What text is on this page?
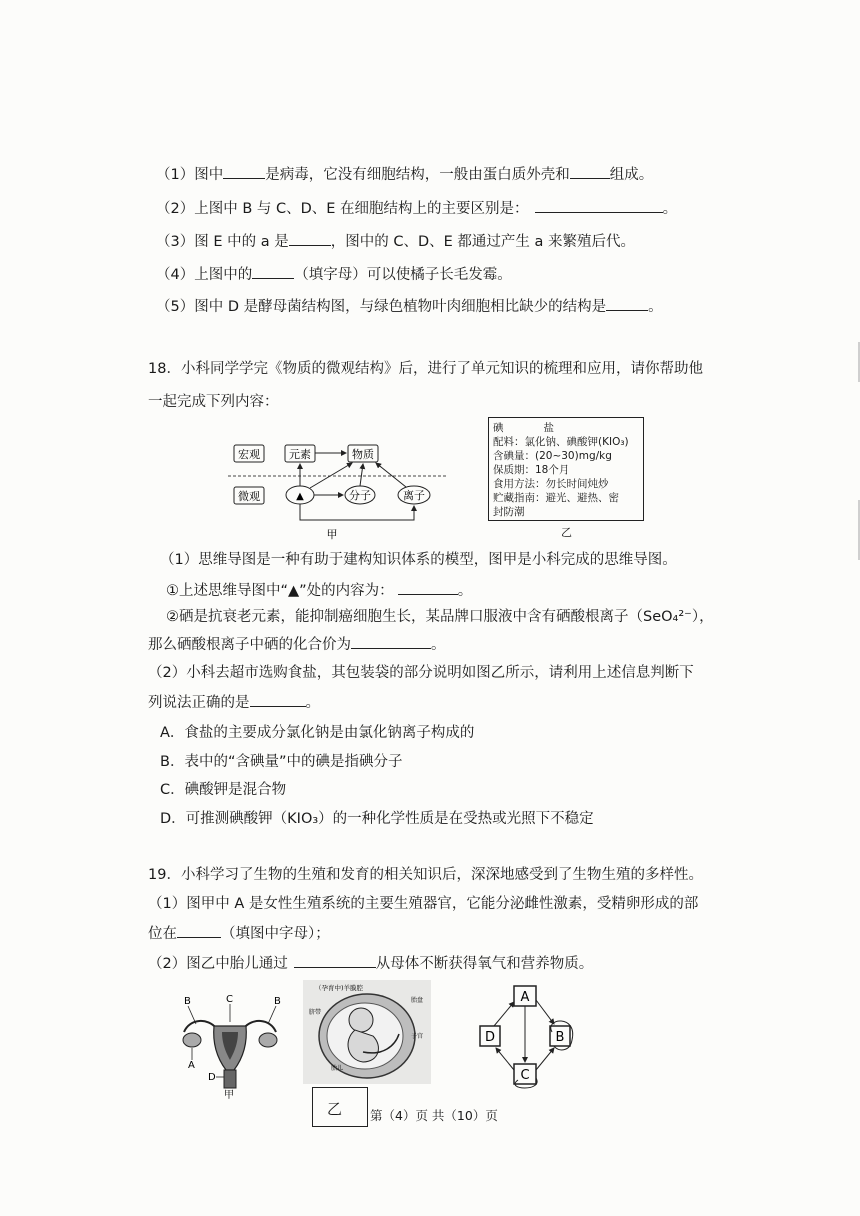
（1）图中	是病毒，它没有细胞结构，一般由蛋白质外壳和	组成。
（2）上图中 B 与 C、D、E 在细胞结构上的主要区别是：	。
（3）图 E 中的 a 是	，图中的 C、D、E 都通过产生 a 来繁殖后代。
（4）上图中的	（填字母）可以使橘子长毛发霉。
（5）图中 D 是酵母菌结构图，与绿色植物叶肉细胞相比缺少的结构是	。
18．小科同学学完《物质的微观结构》后，进行了单元知识的梳理和应用，请你帮助他
一起完成下列内容：
宏观	元素	物质
微观	▲	分子	离子
甲
碘            盐
配料：氯化钠、碘酸钾(KIO₃)
含碘量：(20~30)mg/kg
保质期：18个月
食用方法：勿长时间炖炒
贮藏指南：避光、避热、密
封防潮
乙
（1）思维导图是一种有助于建构知识体系的模型，图甲是小科完成的思维导图。
①上述思维导图中“▲”处的内容为：	。
②硒是抗衰老元素，能抑制癌细胞生长，某品牌口服液中含有硒酸根离子（SeO₄²⁻），
那么硒酸根离子中硒的化合价为	。
（2）小科去超市选购食盐，其包装袋的部分说明如图乙所示，请利用上述信息判断下
列说法正确的是	。
A．食盐的主要成分氯化钠是由氯化钠离子构成的
B．表中的“含碘量”中的碘是指碘分子
C．碘酸钾是混合物
D．可推测碘酸钾（KIO₃）的一种化学性质是在受热或光照下不稳定
19．小科学习了生物的生殖和发育的相关知识后，深深地感受到了生物生殖的多样性。
（1）图甲中 A 是女性生殖系统的主要生殖器官，它能分泌雌性激素，受精卵形成的部
位在	（填图中字母）；
（2）图乙中胎儿通过	从母体不断获得氧气和营养物质。
B	C	B
A
D
甲
（孕育中)羊膜腔
脐带
胎盘
子宫
胎儿
乙 第（4）页 共（10）页
A
D	B
C
